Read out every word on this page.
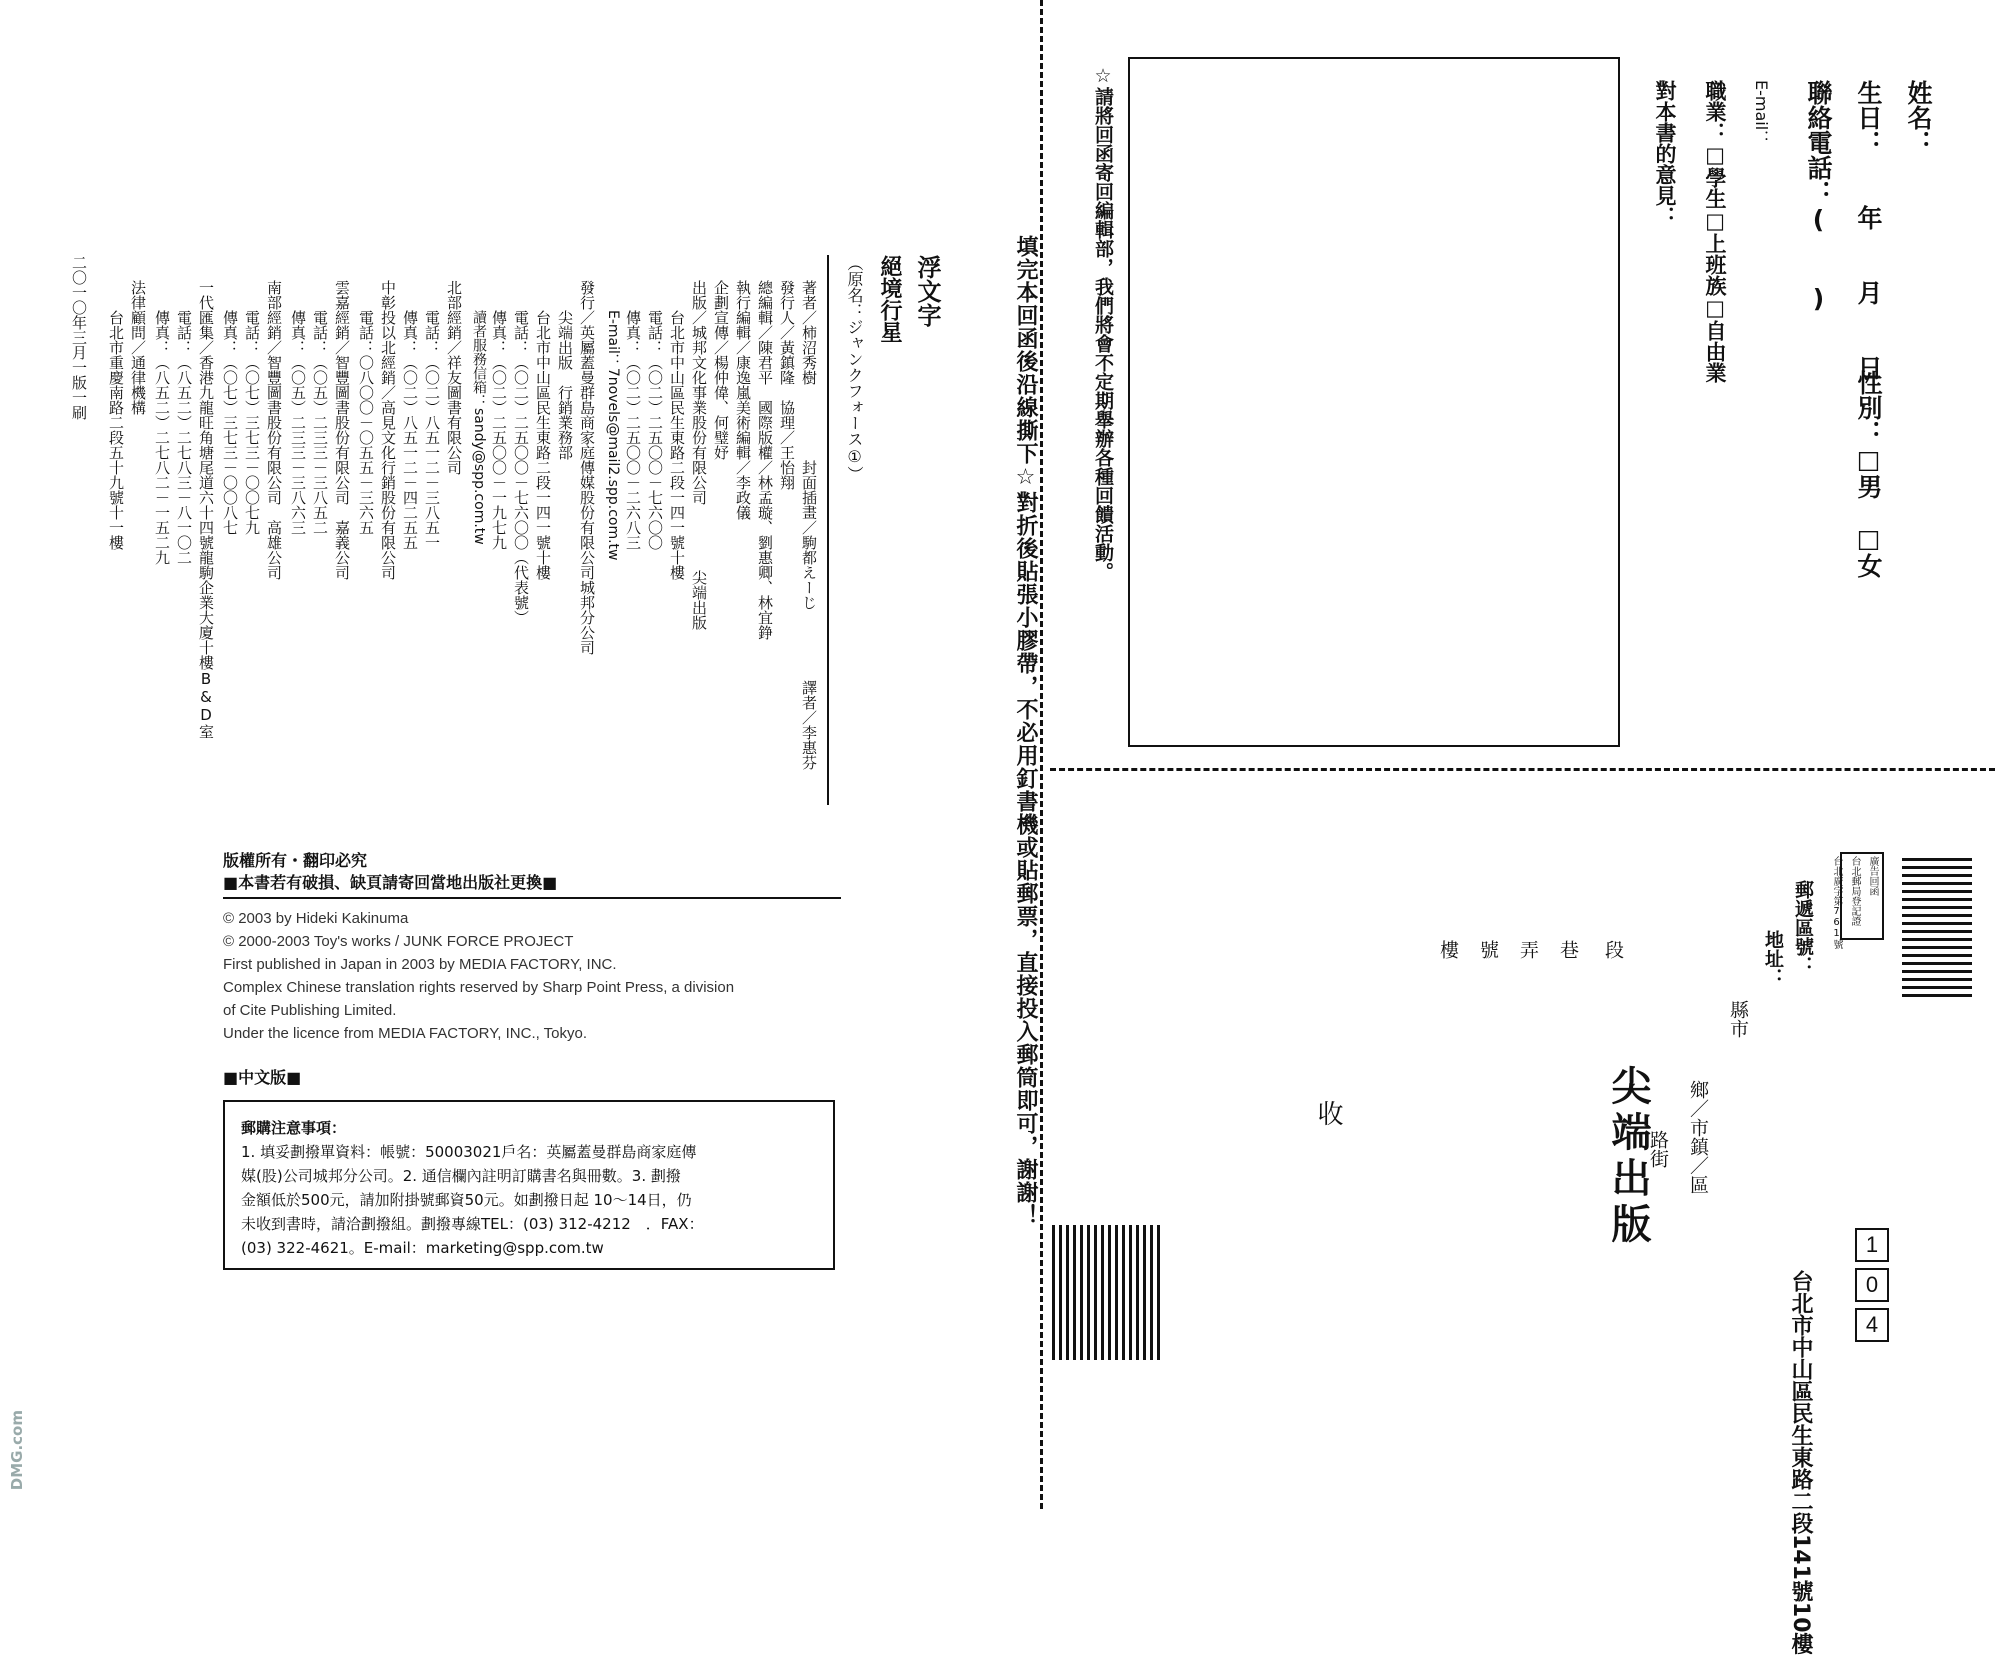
浮文字
絕境行星
（原名：ジャンクフォース①）
著者／柿沼秀樹
封面插畫／駒都えーじ
譯者／李惠芬
發行人／黃鎮隆
協理／王怡翔
總編輯／陳君平
國際版權／林孟璇、劉惠卿、林宜錚
執行編輯／康逸嵐
美術編輯／李政儀
企劃宣傳／楊仲偉、何璧妤
出版／城邦文化事業股份有限公司
尖端出版
台北市中山區民生東路二段一四一號十樓
電話：（〇二）二五〇〇－七六〇〇
傳真：（〇二）二五〇〇－二六八三
E-mail：7novels@mail2.spp.com.tw
發行／英屬蓋曼群島商家庭傳媒股份有限公司城邦分公司
尖端出版　行銷業務部
台北市中山區民生東路二段一四一號十樓
電話：（〇二）二五〇〇－七六〇〇（代表號）
傳真：（〇二）二五〇〇－一九七九
讀者服務信箱：sandy@spp.com.tw
北部經銷／祥友圖書有限公司
電話：（〇二）八五一二－三八五一
傳真：（〇二）八五一二－四二五五
中彰投以北經銷／高見文化行銷股份有限公司
電話：〇八〇〇－〇五五－三六五
雲嘉經銷／智豐圖書股份有限公司　嘉義公司
電話：（〇五）二三三－三八五二
傳真：（〇五）二三三－三八六三
南部經銷／智豐圖書股份有限公司　高雄公司
電話：（〇七）三七三－〇〇七九
傳真：（〇七）三七三－〇〇八七
一代匯集／香港九龍旺角塘尾道六十四號龍駒企業大廈十樓B&D室
電話：（八五二）二七八三－八一〇二
傳真：（八五二）二七八二－一五二九
法律顧問／通律機構
台北市重慶南路二段五十九號十一樓
二〇一〇年三月一版一刷
版權所有・翻印必究
■本書若有破損、缺頁請寄回當地出版社更換■
© 2003 by Hideki Kakinuma
© 2000-2003 Toy's works / JUNK FORCE PROJECT
First published in Japan in 2003 by MEDIA FACTORY, INC.
Complex Chinese translation rights reserved by Sharp Point Press, a division
of Cite Publishing Limited.
Under the licence from MEDIA FACTORY, INC., Tokyo.
■中文版■
郵購注意事項：
1. 填妥劃撥單資料：帳號：50003021戶名：英屬蓋曼群島商家庭傳
媒(股)公司城邦分公司。2. 通信欄內註明訂購書名與冊數。3. 劃撥
金額低於500元，請加附掛號郵資50元。如劃撥日起 10～14日，仍
未收到書時，請洽劃撥組。劃撥專線TEL：(03) 312-4212　．FAX：
(03) 322-4621。E-mail：marketing@spp.com.tw
DMG.com
填完本回函後沿線撕下☆對折後貼張小膠帶，不必用釘書機或貼郵票，直接投入郵筒即可，謝謝！
姓名：
生日：　　年　　月　　日
性別：□男　□女
聯絡電話：(　　)
E-mail：
職業：□學生□上班族□自由業
對本書的意見：
☆請將回函寄回編輯部，我們將會不定期舉辦各種回饋活動。
廣告回函
台北郵局登記證
台北廣字第761號
郵遞區號：
地址：
縣市
鄉／市鎮／區
路街
段
巷
弄
號
樓
尖端出版
收
1
0
4
台北市中山區民生東路二段141號10樓
